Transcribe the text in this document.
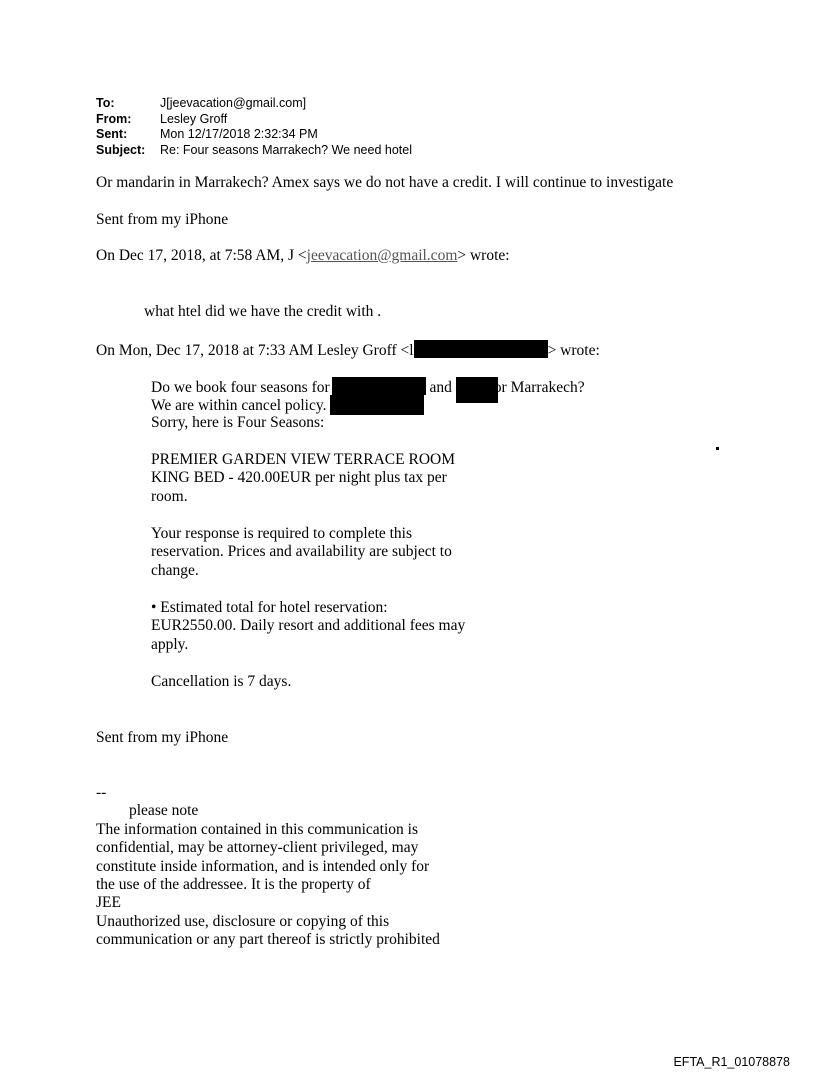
To:	J[jeevacation@gmail.com]
From:	Lesley Groff
Sent:	Mon 12/17/2018 2:32:34 PM
Subject:	Re: Four seasons Marrakech? We need hotel
Or mandarin in Marrakech? Amex says we do not have a credit. I will continue to investigate
Sent from my iPhone
On Dec 17, 2018, at 7:58 AM, J <jeevacation@gmail.com> wrote:
what htel did we have the credit with .
On Mon, Dec 17, 2018 at 7:33 AM Lesley Groff <l	> wrote:
Do we book four seasons for	and	or Marrakech?
We are within cancel policy.
Sorry, here is Four Seasons:
PREMIER GARDEN VIEW TERRACE ROOM
KING BED - 420.00EUR per night plus tax per
room.
Your response is required to complete this
reservation. Prices and availability are subject to
change.
• Estimated total for hotel reservation:
EUR2550.00. Daily resort and additional fees may
apply.
Cancellation is 7 days.
Sent from my iPhone
--
please note
The information contained in this communication is
confidential, may be attorney-client privileged, may
constitute inside information, and is intended only for
the use of the addressee. It is the property of
JEE
Unauthorized use, disclosure or copying of this
communication or any part thereof is strictly prohibited
EFTA_R1_01078878
